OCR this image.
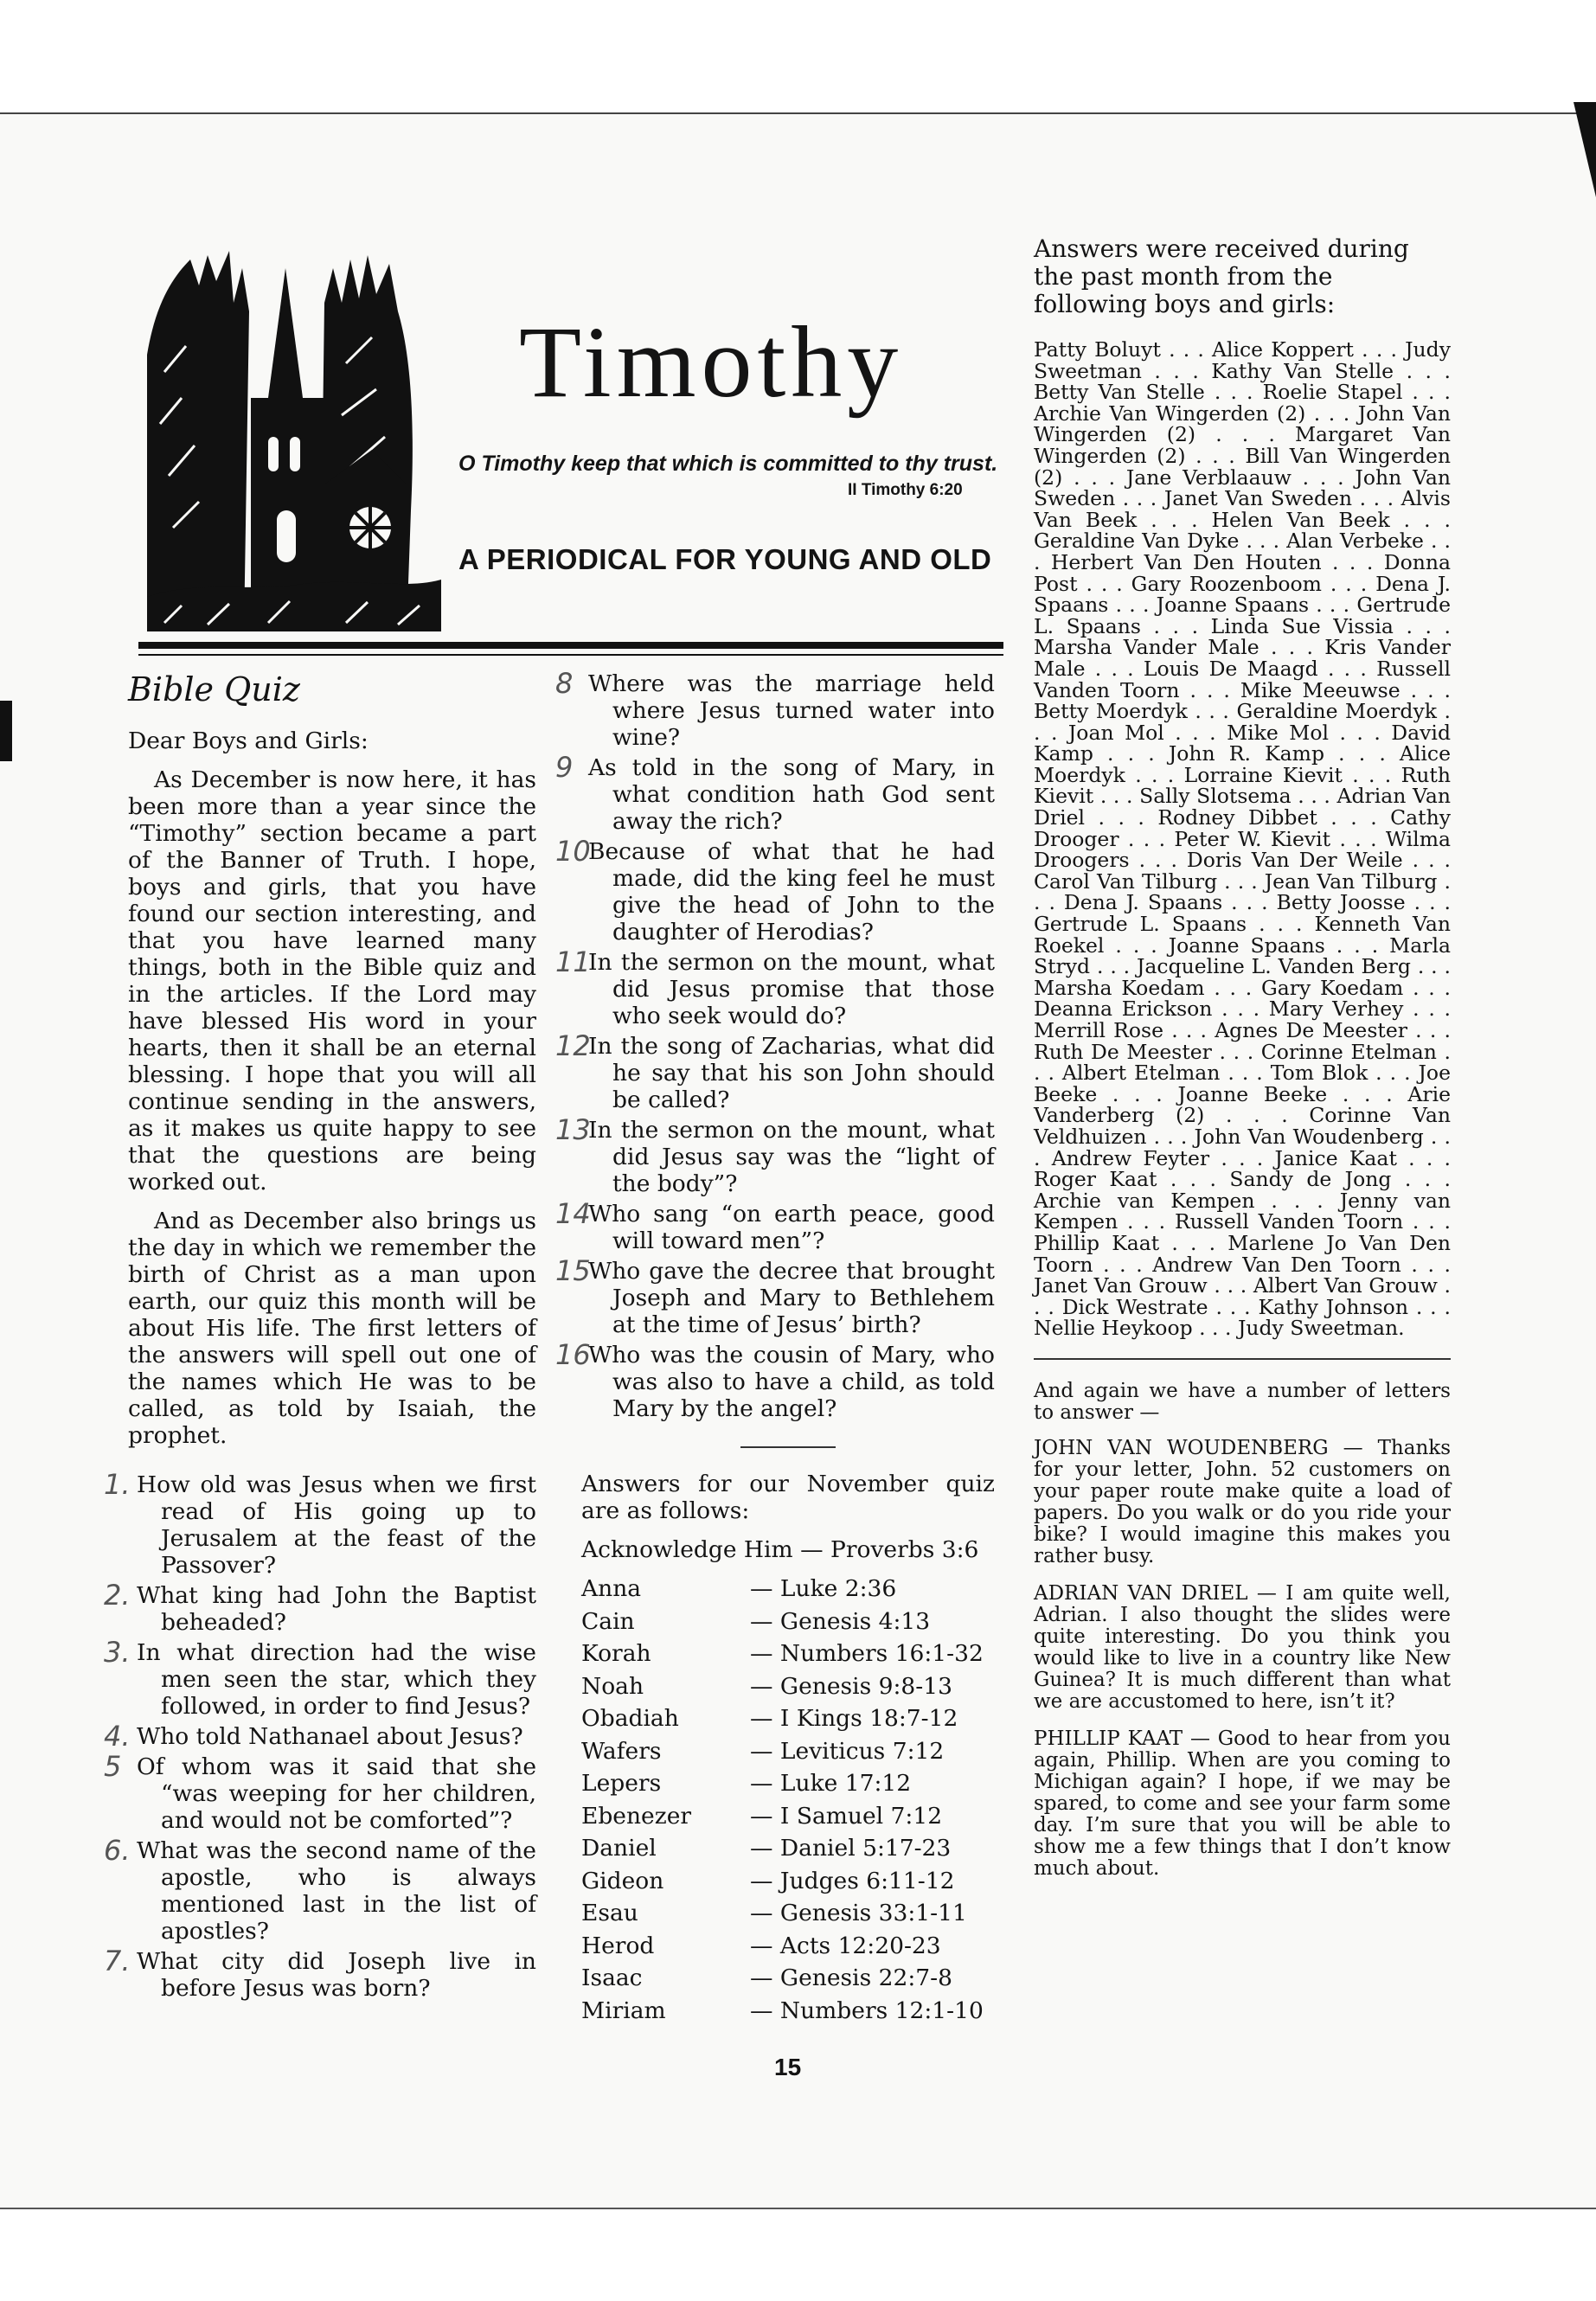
Timothy
O Timothy keep that which is committed to thy trust.
II Timothy 6:20
A PERIODICAL FOR YOUNG AND OLD
Bible Quiz

Dear Boys and Girls:

As December is now here, it has been more than a year since the “Timothy” section became a part of the Banner of Truth. I hope, boys and girls, that you have found our section interesting, and that you have learned many things, both in the Bible quiz and in the articles. If the Lord may have blessed His word in your hearts, then it shall be an eternal blessing. I hope that you will all continue sending in the answers, as it makes us quite happy to see that the questions are being worked out.

And as December also brings us the day in which we remember the birth of Christ as a man upon earth, our quiz this month will be about His life. The first letters of the answers will spell out one of the names which He was to be called, as told by Isaiah, the prophet.

1. How old was Jesus when we first read of His going up to Jerusalem at the feast of the Passover?
2. What king had John the Baptist beheaded?
3. In what direction had the wise men seen the star, which they followed, in order to find Jesus?
4. Who told Nathanael about Jesus?
5 Of whom was it said that she “was weeping for her children, and would not be comforted”?
6. What was the second name of the apostle, who is always mentioned last in the list of apostles?
7. What city did Joseph live in before Jesus was born?
8 Where was the marriage held where Jesus turned water into wine?
9 As told in the song of Mary, in what condition hath God sent away the rich?
10
Because of what that he had made, did the king feel he must give the head of John to the daughter of Herodias?
11
In the sermon on the mount, what did Jesus promise that those who seek would do?
12
In the song of Zacharias, what did he say that his son John should be called?
13
In the sermon on the mount, what did Jesus say was the “light of the body”?
14
Who sang “on earth peace, good will toward men”?
15
Who gave the decree that brought Joseph and Mary to Bethlehem at the time of Jesus’ birth?
16
Who was the cousin of Mary, who was also to have a child, as told Mary by the angel?

Answers for our November quiz are as follows:

Acknowledge Him — Proverbs 3:6

Anna	— Luke 2:36
Cain	— Genesis 4:13
Korah	— Numbers 16:1-32
Noah	— Genesis 9:8-13
Obadiah	— I Kings 18:7-12
Wafers	— Leviticus 7:12
Lepers	— Luke 17:12
Ebenezer	— I Samuel 7:12
Daniel	— Daniel 5:17-23
Gideon	— Judges 6:11-12
Esau	— Genesis 33:1-11
Herod	— Acts 12:20-23
Isaac	— Genesis 22:7-8
Miriam	— Numbers 12:1-10

Answers were received during the past month from the following boys and girls:

Patty Boluyt . . . Alice Koppert . . . Judy Sweetman . . . Kathy Van Stelle . . . Betty Van Stelle . . . Roelie Stapel . . . Archie Van Wingerden (2) . . . John Van Wingerden (2) . . . Margaret Van Wingerden (2) . . . Bill Van Wingerden (2) . . . Jane Verblaauw . . . John Van Sweden . . . Janet Van Sweden . . . Alvis Van Beek . . . Helen Van Beek . . . Geraldine Van Dyke . . . Alan Verbeke . . . Herbert Van Den Houten . . . Donna Post . . . Gary Roozenboom . . . Dena J. Spaans . . . Joanne Spaans . . . Gertrude L. Spaans . . . Linda Sue Vissia . . . Marsha Vander Male . . . Kris Vander Male . . . Louis De Maagd . . . Russell Vanden Toorn . . . Mike Meeuwse . . . Betty Moerdyk . . . Geraldine Moerdyk . . . Joan Mol . . . Mike Mol . . . David Kamp . . . John R. Kamp . . . Alice Moerdyk . . . Lorraine Kievit . . . Ruth Kievit . . . Sally Slotsema . . . Adrian Van Driel . . . Rodney Dibbet . . . Cathy Drooger . . . Peter W. Kievit . . . Wilma Droogers . . . Doris Van Der Weile . . . Carol Van Tilburg . . . Jean Van Tilburg . . . Dena J. Spaans . . . Betty Joosse . . . Gertrude L. Spaans . . . Kenneth Van Roekel . . . Joanne Spaans . . . Marla Stryd . . . Jacqueline L. Vanden Berg . . . Marsha Koedam . . . Gary Koedam . . . Deanna Erickson . . . Mary Verhey . . . Merrill Rose . . . Agnes De Meester . . . Ruth De Meester . . . Corinne Etelman . . . Albert Etelman . . . Tom Blok . . . Joe Beeke . . . Joanne Beeke . . . Arie Vanderberg (2) . . . Corinne Van Veldhuizen . . . John Van Woudenberg . . . Andrew Feyter . . . Janice Kaat . . . Roger Kaat . . . Sandy de Jong . . . Archie van Kempen . . . Jenny van Kempen . . . Russell Vanden Toorn . . . Phillip Kaat . . . Marlene Jo Van Den Toorn . . . Andrew Van Den Toorn . . . Janet Van Grouw . . . Albert Van Grouw . . . Dick Westrate . . . Kathy Johnson . . . Nellie Heykoop . . . Judy Sweetman.

And again we have a number of letters to answer —

JOHN VAN WOUDENBERG — Thanks for your letter, John. 52 customers on your paper route make quite a load of papers. Do you walk or do you ride your bike? I would imagine this makes you rather busy.

ADRIAN VAN DRIEL — I am quite well, Adrian. I also thought the slides were quite interesting. Do you think you would like to live in a country like New Guinea? It is much different than what we are accustomed to here, isn’t it?

PHILLIP KAAT — Good to hear from you again, Phillip. When are you coming to Michigan again? I hope, if we may be spared, to come and see your farm some day. I’m sure that you will be able to show me a few things that I don’t know much about.

15
